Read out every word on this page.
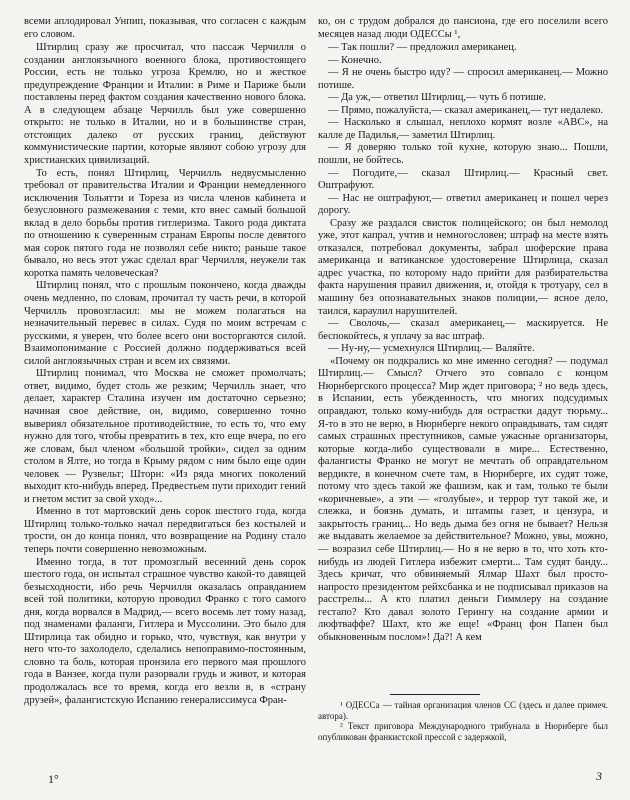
всеми аплодировал Унпип, показывая, что согласен с каждым его словом.

Штирлиц сразу же просчитал, что пассаж Черчилля о создании англоязычного военного блока, противостоящего России, есть не только угроза Кремлю, но и жесткое предупреждение Франции и Италии: в Риме и Париже были поставлены перед фактом создания качественно нового блока. А в следующем абзаце Черчилль был уже совершенно открыто: не только в Италии, но и в большинстве стран, отстоящих далеко от русских границ, действуют коммунистические партии, которые являют собою угрозу для христианских цивилизаций.

То есть, понял Штирлиц, Черчилль недвусмысленно требовал от правительства Италии и Франции немедленного исключения Тольятти и Тореза из числа членов кабинета и безусловного размежевания с теми, кто внес самый большой вклад в дело борьбы против гитлеризма. Такого рода диктата по отношению к суверенным странам Европы после девятого мая сорок пятого года не позволял себе никто; раньше такое бывало, но весь этот ужас сделал враг Черчилля, неужели так коротка память человеческая?

Штирлиц понял, что с прошлым покончено, когда дважды очень медленно, по словам, прочитал ту часть речи, в которой Черчилль провозгласил: мы не можем полагаться на незначительный перевес в силах. Судя по моим встречам с русскими, я уверен, что более всего они восторгаются силой. Взаимопонимание с Россией должно поддерживаться всей силой англоязычных стран и всем их связями.

Штирлиц понимал, что Москва не сможет промолчать; ответ, видимо, будет столь же резким; Черчилль знает, что делает, характер Сталина изучен им достаточно серьезно; начиная свое действие, он, видимо, совершенно точно вывериял обязательное противодействие, то есть то, что ему нужно для того, чтобы превратить в тех, кто еще вчера, по его же словам, был членом «большой тройки», сидел за одним столом в Ялте, но тогда в Крыму рядом с ним было еще один человек — Рузвельт; Шторн: «Из ряда многих поколений выходит кто-нибудь вперед. Предвестьем пути приходит гений и гнетом мстит за свой уход»...

Именно в тот мартовский день сорок шестого года, когда Штирлиц только-только начал передвигаться без костылей и трости, он до конца понял, что возвращение на Родину стало теперь почти совершенно невозможным.

Именно тогда, в тот промозглый весенний день сорок шестого года, он испытал страшное чувство какой-то давящей безысходности, ибо речь Черчилля оказалась оправданием всей той политики, которую проводил Франко с того самого дня, когда ворвался в Мадрид,— всего восемь лет тому назад, под знаменами фаланги, Гитлера и Муссолини. Это было для Штирлица так обидно и горько, что, чувствуя, как внутри у него что-то захолодело, сделались непоправимо-постоянным, словно та боль, которая пронзила его первого мая прошлого года в Ванзее, когда пули разорвали грудь и живот, и которая продолжалась все то время, когда его везли в, в «страну друзей», фалангистскую Испанию генералиссимуса Фран-

ко, он с трудом добрался до пансиона, где его поселили всего месяцев назад люди ОДЕССы ¹,

— Так пошли? — предложил американец.

— Конечно.

— Я не очень быстро иду? — спросил американец.— Можно потише.

— Да уж,— ответил Штирлиц,— чуть б потише.

— Прямо, пожалуйста,— сказал американец,— тут недалеко.

— Насколько я слышал, неплохо кормят возле «АВС», на калле де Падилья,— заметил Штирлиц.

— Я доверяю только той кухне, которую знаю... Пошли, пошли, не бойтесь.

— Погодите,— сказал Штирлиц.— Красный свет. Оштрафуют.

— Нас не оштрафуют,— ответил американец и пошел через дорогу.

Сразу же раздался свисток полицейского; он был немолод уже, этот капрал, учтив и немногословен; штраф на месте взять отказался, потребовал документы, забрал шоферские права американца и ватиканское удостоверение Штирлица, сказал адрес участка, по которому надо прийти для разбирательства факта нарушения правил движения, и, отойдя к тротуару, сел в машину без опознавательных знаков полиции,— ясное дело, таился, караулил нарушителей.

— Сволочь,— сказал американец,— маскируется. Не беспокойтесь, я уплачу за вас штраф.

— Ну-ну,— усмехнулся Штирлиц.— Валяйте.

«Почему он подкрались ко мне именно сегодня? — подумал Штирлиц.— Смысл? Отчего это совпало с концом Нюрнбергского процесса? Мир ждет приговора; ² но ведь здесь, в Испании, есть убежденность, что многих подсудимых оправдают, только кому-нибудь для острастки дадут тюрьму... Я-то в это не верю, в Нюрнберге некого оправдывать, там сидят самых страшных преступников, самые ужасные организаторы, которые когда-либо существовали в мире... Естественно, фалангисты Франко не могут не мечтать об оправдательном вердикте, в конечном счете там, в Нюрнберге, их судят тоже, потому что здесь такой же фашизм, как и там, только те были «коричневые», а эти — «голубые», и террор тут такой же, и слежка, и боязнь думать, и штампы газет, и цензура, и закрытость границ... Но ведь дыма без огня не бывает? Нельзя же выдавать желаемое за действительное? Можно, увы, можно,— возразил себе Штирлиц.— Но я не верю в то, что хоть кто-нибудь из людей Гитлера избежит смерти... Там судят банду... Здесь кричат, что обвиняемый Ялмар Шахт был просто-напросто президентом рейхсбанка и не подписывал приказов на расстрелы... А кто платил деньги Гиммлеру на создание гестапо? Кто давал золото Герингу на создание армии и люфтваффе? Шахт, кто же еще! «Франц фон Папен был обыкновенным послом»! Да?! А кем

¹ ОДЕССа — тайная организация членов СС (здесь и далее примеч. автора).

² Текст приговора Международного трибунала в Нюрнберге был опубликован франкистской прессой с задержкой,

1°	3
